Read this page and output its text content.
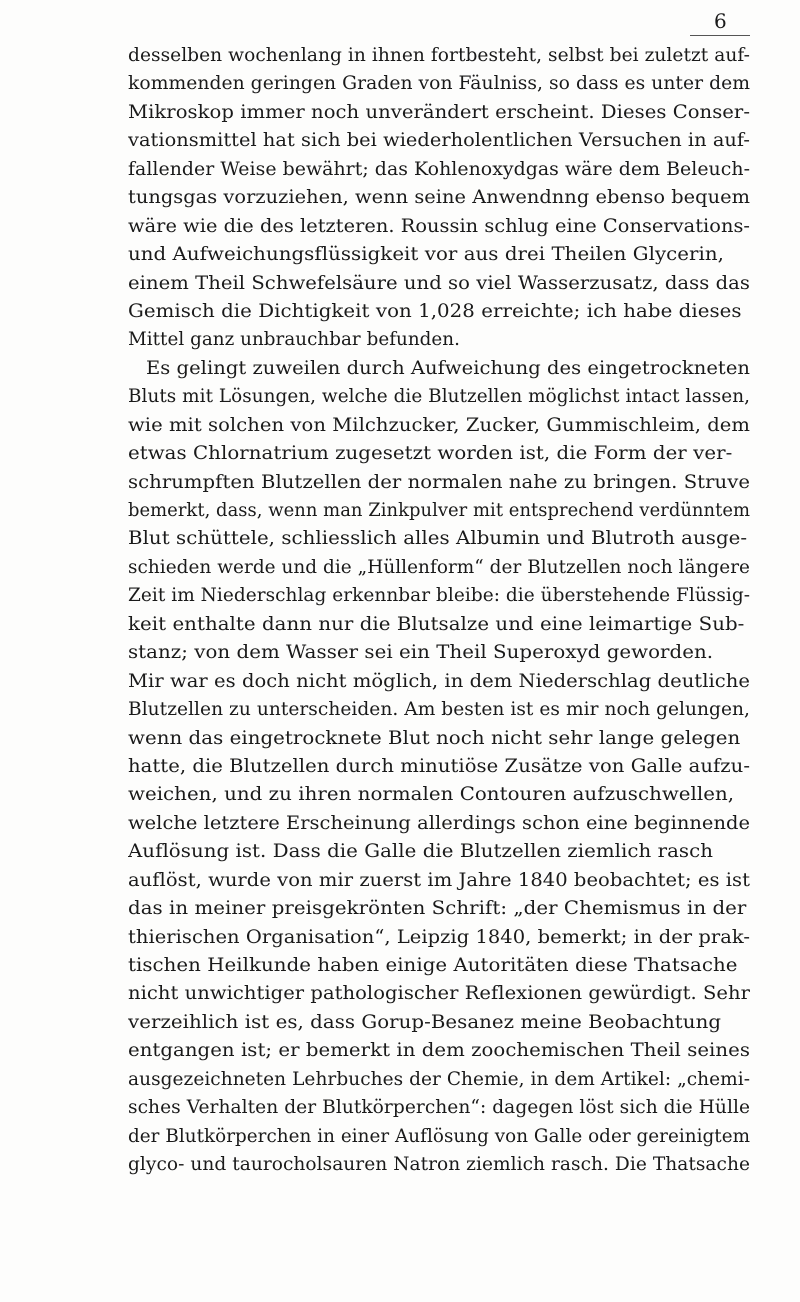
6
desselben wochenlang in ihnen fortbesteht, selbst bei zuletzt auf-
kommenden geringen Graden von Fäulniss, so dass es unter dem
Mikroskop immer noch unverändert erscheint. Dieses Conser-
vationsmittel hat sich bei wiederholentlichen Versuchen in auf-
fallender Weise bewährt; das Kohlenoxydgas wäre dem Beleuch-
tungsgas vorzuziehen, wenn seine Anwendnng ebenso bequem
wäre wie die des letzteren. Roussin schlug eine Conservations-
und Aufweichungsflüssigkeit vor aus drei Theilen Glycerin,
einem Theil Schwefelsäure und so viel Wasserzusatz, dass das
Gemisch die Dichtigkeit von 1,028 erreichte; ich habe dieses
Mittel ganz unbrauchbar befunden.
Es gelingt zuweilen durch Aufweichung des eingetrockneten
Bluts mit Lösungen, welche die Blutzellen möglichst intact lassen,
wie mit solchen von Milchzucker, Zucker, Gummischleim, dem
etwas Chlornatrium zugesetzt worden ist, die Form der ver-
schrumpften Blutzellen der normalen nahe zu bringen. Struve
bemerkt, dass, wenn man Zinkpulver mit entsprechend verdünntem
Blut schüttele, schliesslich alles Albumin und Blutroth ausge-
schieden werde und die „Hüllenform“ der Blutzellen noch längere
Zeit im Niederschlag erkennbar bleibe: die überstehende Flüssig-
keit enthalte dann nur die Blutsalze und eine leimartige Sub-
stanz; von dem Wasser sei ein Theil Superoxyd geworden.
Mir war es doch nicht möglich, in dem Niederschlag deutliche
Blutzellen zu unterscheiden. Am besten ist es mir noch gelungen,
wenn das eingetrocknete Blut noch nicht sehr lange gelegen
hatte, die Blutzellen durch minutiöse Zusätze von Galle aufzu-
weichen, und zu ihren normalen Contouren aufzuschwellen,
welche letztere Erscheinung allerdings schon eine beginnende
Auflösung ist. Dass die Galle die Blutzellen ziemlich rasch
auflöst, wurde von mir zuerst im Jahre 1840 beobachtet; es ist
das in meiner preisgekrönten Schrift: „der Chemismus in der
thierischen Organisation“, Leipzig 1840, bemerkt; in der prak-
tischen Heilkunde haben einige Autoritäten diese Thatsache
nicht unwichtiger pathologischer Reflexionen gewürdigt. Sehr
verzeihlich ist es, dass Gorup-Besanez meine Beobachtung
entgangen ist; er bemerkt in dem zoochemischen Theil seines
ausgezeichneten Lehrbuches der Chemie, in dem Artikel: „chemi-
sches Verhalten der Blutkörperchen“: dagegen löst sich die Hülle
der Blutkörperchen in einer Auflösung von Galle oder gereinigtem
glyco- und taurocholsauren Natron ziemlich rasch. Die Thatsache
